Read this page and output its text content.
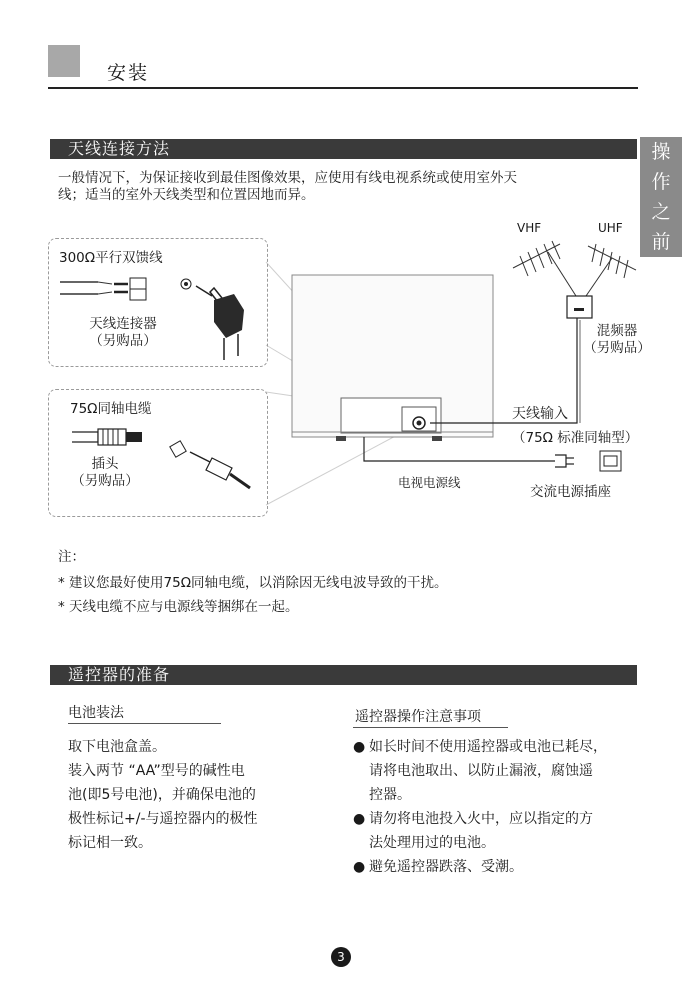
安装
操
作
之
前
天线连接方法
一般情况下，为保证接收到最佳图像效果，应使用有线电视系统或使用室外天
线；适当的室外天线类型和位置因地而异。
300Ω平行双馈线
天线连接器
（另购品）
75Ω同轴电缆
插头
（另购品）
VHF	UHF
混频器
（另购品）
天线输入
（75Ω 标准同轴型）
电视电源线
交流电源插座
注：
* 建议您最好使用75Ω同轴电缆，以消除因无线电波导致的干扰。
* 天线电缆不应与电源线等捆绑在一起。
遥控器的准备
电池装法
取下电池盒盖。
装入两节 “AA”型号的碱性电
池(即5号电池)，并确保电池的
极性标记+/-与遥控器内的极性
标记相一致。
遥控器操作注意事项
● 如长时间不使用遥控器或电池已耗尽，
请将电池取出、以防止漏液，腐蚀遥
控器。
● 请勿将电池投入火中，应以指定的方
法处理用过的电池。
● 避免遥控器跌落、受潮。
3
